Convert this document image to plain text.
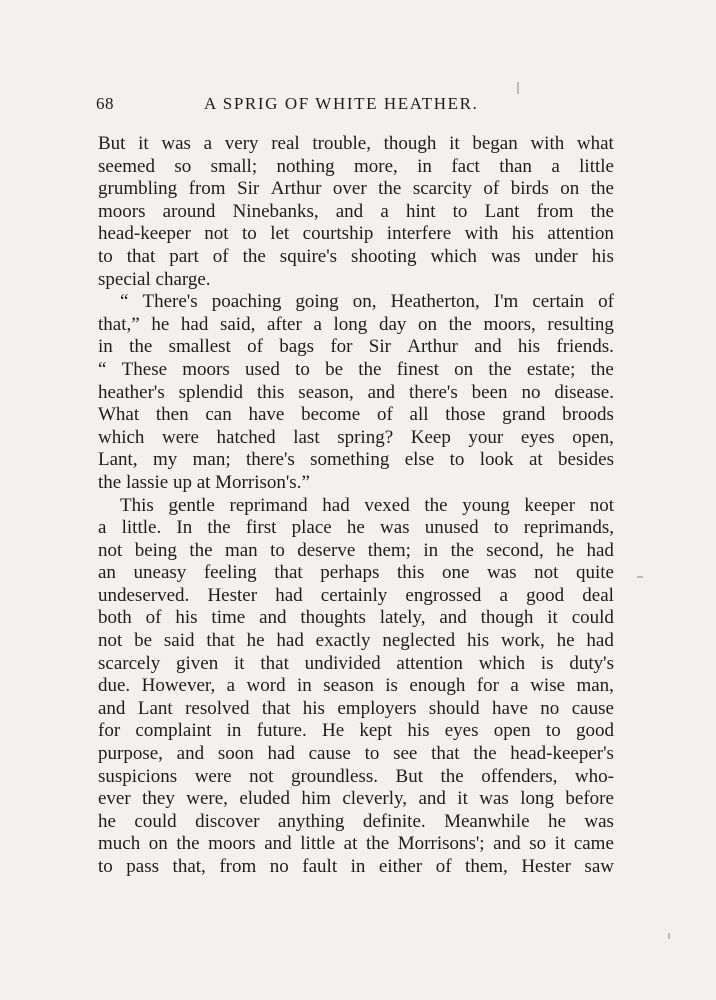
68	A SPRIG OF WHITE HEATHER.
But it was a very real trouble, though it began with what
seemed so small; nothing more, in fact than a little
grumbling from Sir Arthur over the scarcity of birds on the
moors around Ninebanks, and a hint to Lant from the
head-keeper not to let courtship interfere with his attention
to that part of the squire's shooting which was under his
special charge.
“ There's poaching going on, Heatherton, I'm certain of
that,” he had said, after a long day on the moors, resulting
in the smallest of bags for Sir Arthur and his friends.
“ These moors used to be the finest on the estate; the
heather's splendid this season, and there's been no disease.
What then can have become of all those grand broods
which were hatched last spring? Keep your eyes open,
Lant, my man; there's something else to look at besides
the lassie up at Morrison's.”
This gentle reprimand had vexed the young keeper not
a little. In the first place he was unused to reprimands,
not being the man to deserve them; in the second, he had
an uneasy feeling that perhaps this one was not quite
undeserved. Hester had certainly engrossed a good deal
both of his time and thoughts lately, and though it could
not be said that he had exactly neglected his work, he had
scarcely given it that undivided attention which is duty's
due. However, a word in season is enough for a wise man,
and Lant resolved that his employers should have no cause
for complaint in future. He kept his eyes open to good
purpose, and soon had cause to see that the head-keeper's
suspicions were not groundless. But the offenders, who-
ever they were, eluded him cleverly, and it was long before
he could discover anything definite. Meanwhile he was
much on the moors and little at the Morrisons'; and so it came
to pass that, from no fault in either of them, Hester saw
